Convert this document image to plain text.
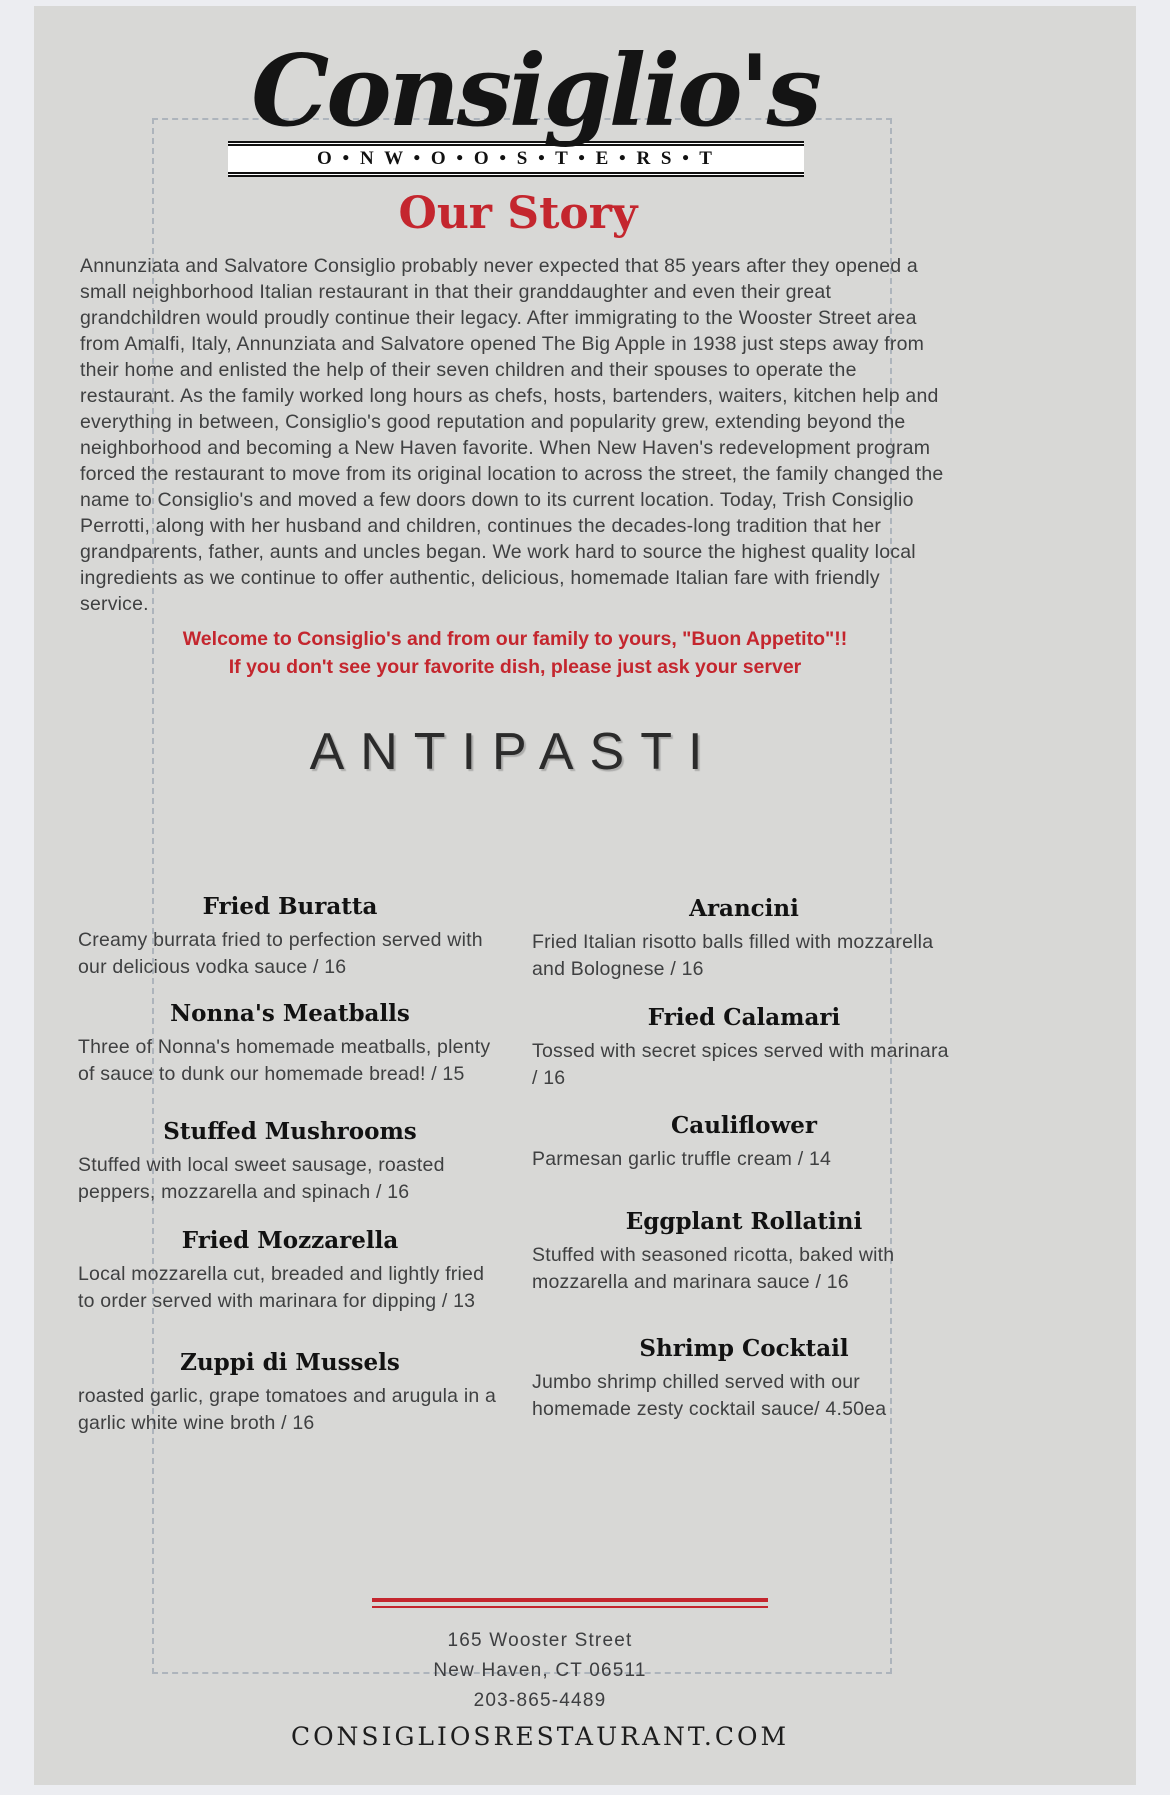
O • N W • O • O • S • T • E • R S • T
Consiglio's
Our Story
Annunziata and Salvatore Consiglio probably never expected that 85 years after they opened a small neighborhood Italian restaurant in that their granddaughter and even their great grandchildren would proudly continue their legacy. After immigrating to the Wooster Street area from Amalfi, Italy, Annunziata and Salvatore opened The Big Apple in 1938 just steps away from their home and enlisted the help of their seven children and their spouses to operate the restaurant. As the family worked long hours as chefs, hosts, bartenders, waiters, kitchen help and everything in between, Consiglio's good reputation and popularity grew, extending beyond the neighborhood and becoming a New Haven favorite. When New Haven's redevelopment program forced the restaurant to move from its original location to across the street, the family changed the name to Consiglio's and moved a few doors down to its current location. Today, Trish Consiglio Perrotti, along with her husband and children, continues the decades-long tradition that her grandparents, father, aunts and uncles began. We work hard to source the highest quality local ingredients as we continue to offer authentic, delicious, homemade Italian fare with friendly service.
Welcome to Consiglio's and from our family to yours, "Buon Appetito"!!
If you don't see your favorite dish, please just ask your server
ANTIPASTI
Fried Buratta

Creamy burrata fried to perfection served with our delicious vodka sauce / 16

Nonna's Meatballs

Three of Nonna's homemade meatballs, plenty of sauce to dunk our homemade bread! / 15

Stuffed Mushrooms

Stuffed with local sweet sausage, roasted peppers, mozzarella and spinach / 16

Fried Mozzarella

Local mozzarella cut, breaded and lightly fried to order served with marinara for dipping / 13

Zuppi di Mussels

roasted garlic, grape tomatoes and arugula in a garlic white wine broth / 16

Arancini

Fried Italian risotto balls filled with mozzarella and Bolognese / 16

Fried Calamari

Tossed with secret spices served with marinara / 16

Cauliflower

Parmesan garlic truffle cream / 14

Eggplant Rollatini

Stuffed with seasoned ricotta, baked with mozzarella and marinara sauce / 16

Shrimp Cocktail

Jumbo shrimp chilled served with our homemade zesty cocktail sauce/ 4.50ea

165 Wooster Street
New Haven, CT 06511
203-865-4489
CONSIGLIOSRESTAURANT.COM
